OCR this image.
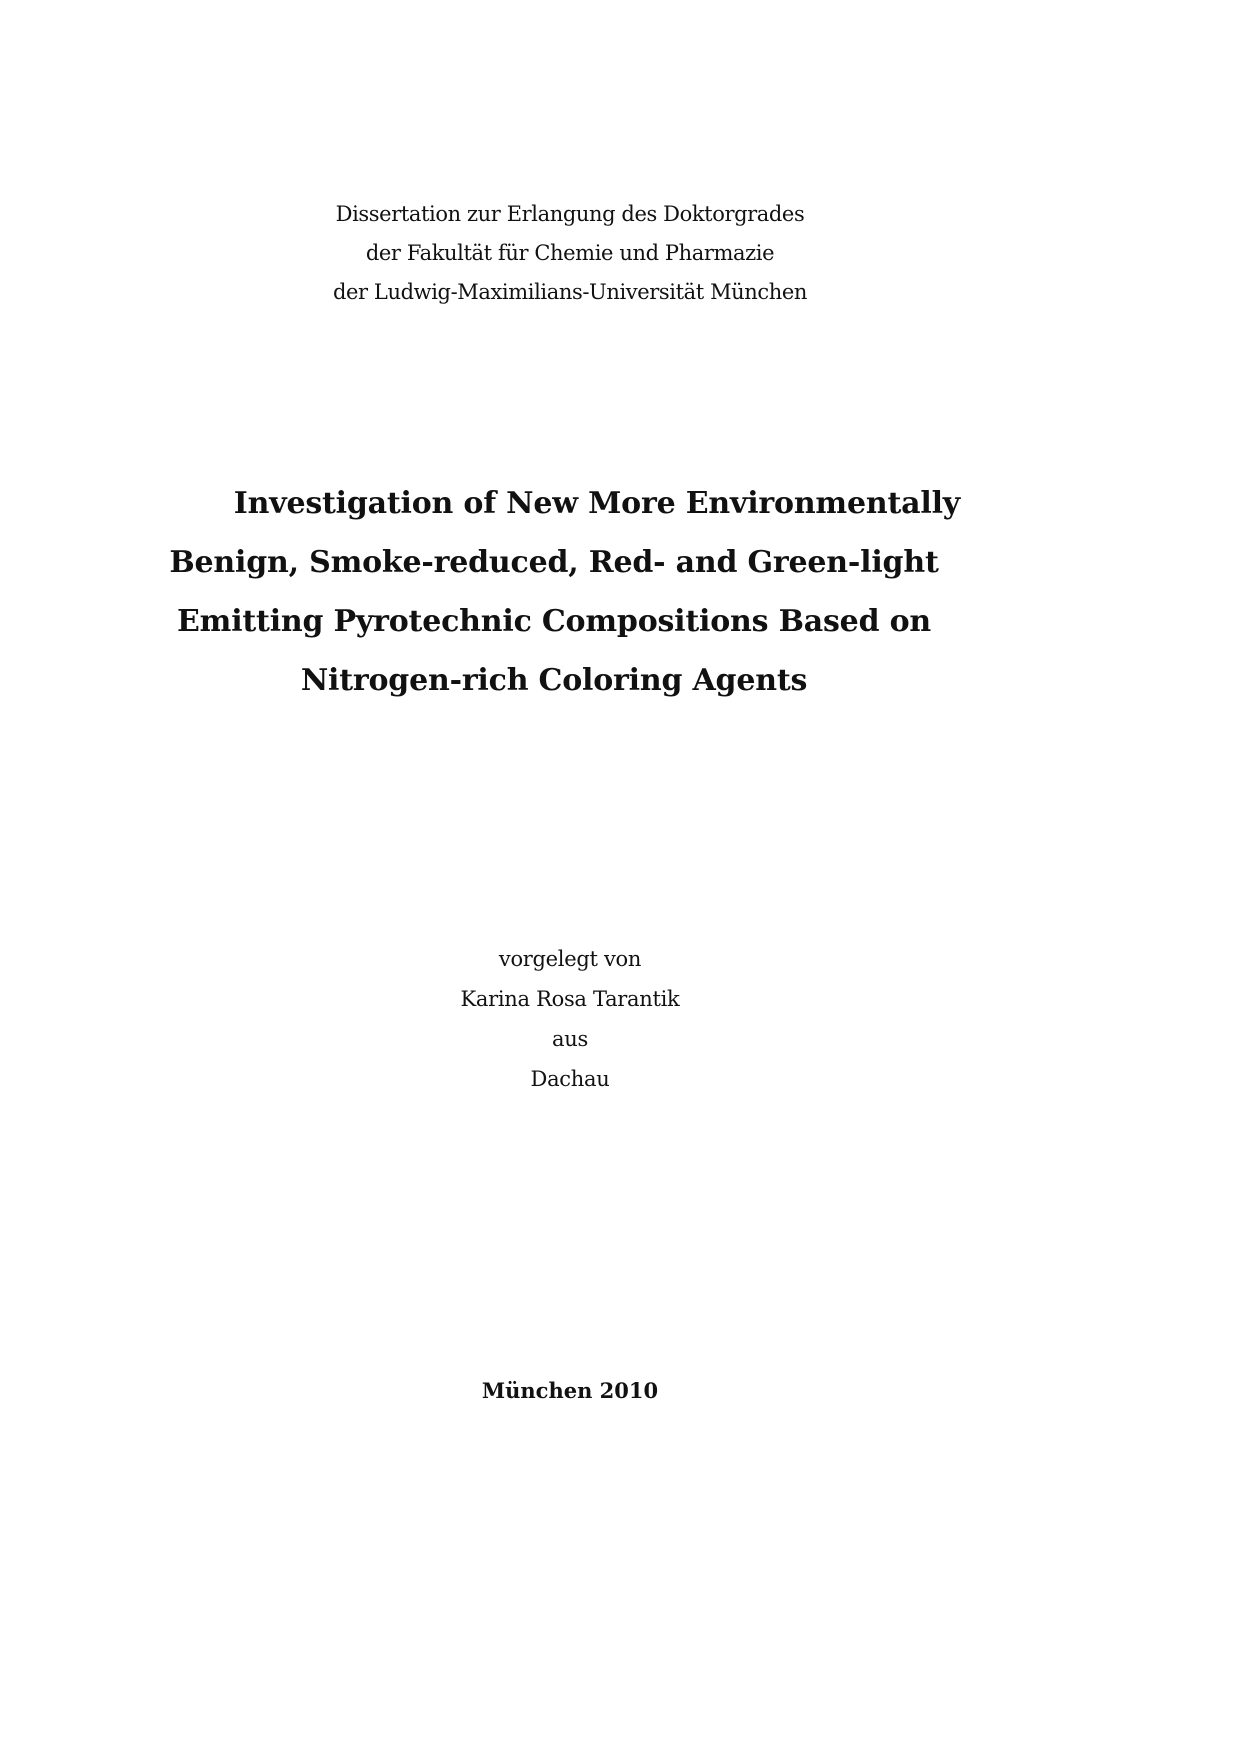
Dissertation zur Erlangung des Doktorgrades
der Fakultät für Chemie und Pharmazie
der Ludwig-Maximilians-Universität München
Investigation of New More Environmentally
Benign, Smoke-reduced, Red- and Green-light
Emitting Pyrotechnic Compositions Based on
Nitrogen-rich Coloring Agents
vorgelegt von
Karina Rosa Tarantik
aus
Dachau
München 2010
